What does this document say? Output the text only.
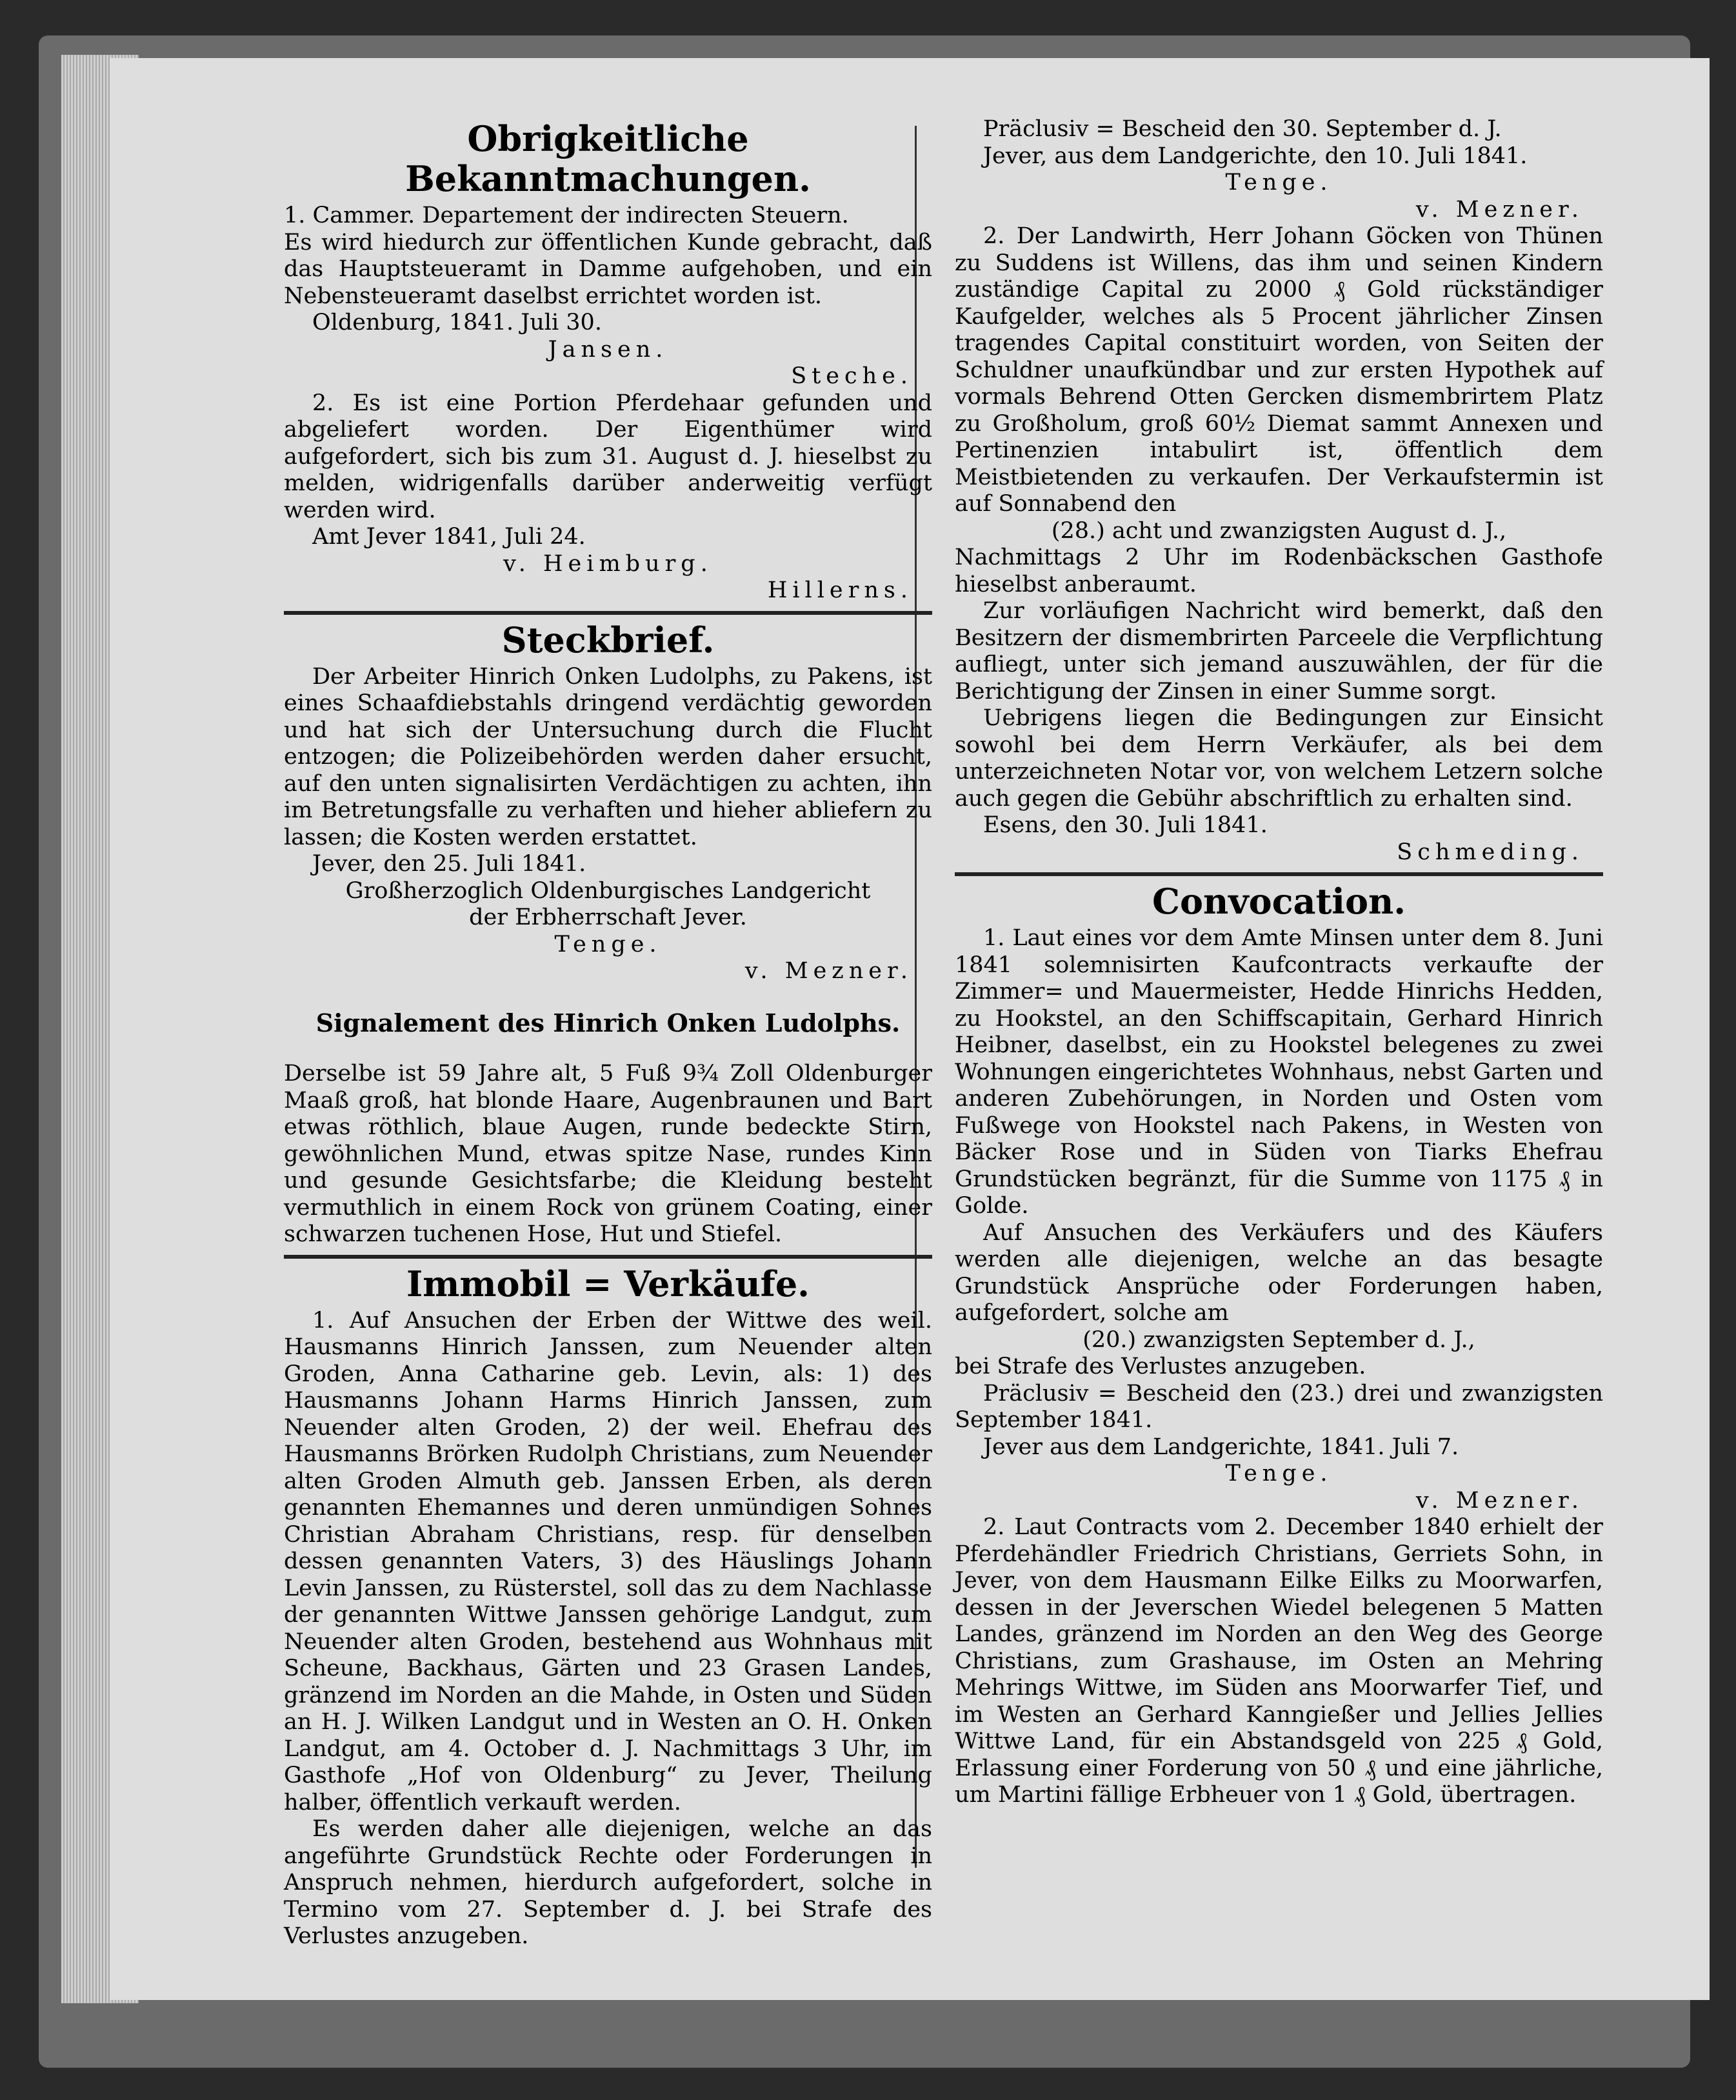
Obrigkeitliche Bekanntmachungen.

1. Cammer. Departement der indirecten Steuern.

Es wird hiedurch zur öffentlichen Kunde gebracht, daß das Hauptsteueramt in Damme aufgehoben, und ein Nebensteueramt daselbst errichtet worden ist.

Oldenburg, 1841. Juli 30.

Jansen.

Steche.

2. Es ist eine Portion Pferdehaar gefunden und abgeliefert worden. Der Eigenthümer wird aufgefordert, sich bis zum 31. August d. J. hieselbst zu melden, widrigenfalls darüber anderweitig verfügt werden wird.

Amt Jever 1841, Juli 24.

v. Heimburg.

Hillerns.

Steckbrief.

Der Arbeiter Hinrich Onken Ludolphs, zu Pakens, ist eines Schaafdiebstahls dringend verdächtig geworden und hat sich der Untersuchung durch die Flucht entzogen; die Polizeibehörden werden daher ersucht, auf den unten signalisirten Verdächtigen zu achten, ihn im Betretungsfalle zu verhaften und hieher abliefern zu lassen; die Kosten werden erstattet.

Jever, den 25. Juli 1841.

Großherzoglich Oldenburgisches Landgericht

der Erbherrschaft Jever.

Tenge.

v. Mezner.

Signalement des Hinrich Onken Ludolphs.

Derselbe ist 59 Jahre alt, 5 Fuß 9¾ Zoll Oldenburger Maaß groß, hat blonde Haare, Augenbraunen und Bart etwas röthlich, blaue Augen, runde bedeckte Stirn, gewöhnlichen Mund, etwas spitze Nase, rundes Kinn und gesunde Gesichtsfarbe; die Kleidung besteht vermuthlich in einem Rock von grünem Coating, einer schwarzen tuchenen Hose, Hut und Stiefel.

Immobil = Verkäufe.

1. Auf Ansuchen der Erben der Wittwe des weil. Hausmanns Hinrich Janssen, zum Neuender alten Groden, Anna Catharine geb. Levin, als: 1) des Hausmanns Johann Harms Hinrich Janssen, zum Neuender alten Groden, 2) der weil. Ehefrau des Hausmanns Brörken Rudolph Christians, zum Neuender alten Groden Almuth geb. Janssen Erben, als deren genannten Ehemannes und deren unmündigen Sohnes Christian Abraham Christians, resp. für denselben dessen genannten Vaters, 3) des Häuslings Johann Levin Janssen, zu Rüsterstel, soll das zu dem Nachlasse der genannten Wittwe Janssen gehörige Landgut, zum Neuender alten Groden, bestehend aus Wohnhaus mit Scheune, Backhaus, Gärten und 23 Grasen Landes, gränzend im Norden an die Mahde, in Osten und Süden an H. J. Wilken Landgut und in Westen an O. H. Onken Landgut, am 4. October d. J. Nachmittags 3 Uhr, im Gasthofe „Hof von Oldenburg“ zu Jever, Theilung halber, öffentlich verkauft werden.

Es werden daher alle diejenigen, welche an das angeführte Grundstück Rechte oder Forderungen in Anspruch nehmen, hierdurch aufgefordert, solche in Termino vom 27. September d. J. bei Strafe des Verlustes anzugeben.

Präclusiv = Bescheid den 30. September d. J.

Jever, aus dem Landgerichte, den 10. Juli 1841.

Tenge.

v. Mezner.

2. Der Landwirth, Herr Johann Göcken von Thünen zu Suddens ist Willens, das ihm und seinen Kindern zuständige Capital zu 2000 ₰ Gold rückständiger Kaufgelder, welches als 5 Procent jährlicher Zinsen tragendes Capital constituirt worden, von Seiten der Schuldner unaufkündbar und zur ersten Hypothek auf vormals Behrend Otten Gercken dismembrirtem Platz zu Großholum, groß 60½ Diemat sammt Annexen und Pertinenzien intabulirt ist, öffentlich dem Meistbietenden zu verkaufen. Der Verkaufstermin ist auf Sonnabend den

(28.) acht und zwanzigsten August d. J.,

Nachmittags 2 Uhr im Rodenbäckschen Gasthofe hieselbst anberaumt.

Zur vorläufigen Nachricht wird bemerkt, daß den Besitzern der dismembrirten Parceele die Verpflichtung aufliegt, unter sich jemand auszuwählen, der für die Berichtigung der Zinsen in einer Summe sorgt.

Uebrigens liegen die Bedingungen zur Einsicht sowohl bei dem Herrn Verkäufer, als bei dem unterzeichneten Notar vor, von welchem Letzern solche auch gegen die Gebühr abschriftlich zu erhalten sind.

Esens, den 30. Juli 1841.

Schmeding.

Convocation.

1. Laut eines vor dem Amte Minsen unter dem 8. Juni 1841 solemnisirten Kaufcontracts verkaufte der Zimmer= und Mauermeister, Hedde Hinrichs Hedden, zu Hookstel, an den Schiffscapitain, Gerhard Hinrich Heibner, daselbst, ein zu Hookstel belegenes zu zwei Wohnungen eingerichtetes Wohnhaus, nebst Garten und anderen Zubehörungen, in Norden und Osten vom Fußwege von Hookstel nach Pakens, in Westen von Bäcker Rose und in Süden von Tiarks Ehefrau Grundstücken begränzt, für die Summe von 1175 ₰ in Golde.

Auf Ansuchen des Verkäufers und des Käufers werden alle diejenigen, welche an das besagte Grundstück Ansprüche oder Forderungen haben, aufgefordert, solche am

(20.) zwanzigsten September d. J.,

bei Strafe des Verlustes anzugeben.

Präclusiv = Bescheid den (23.) drei und zwanzigsten September 1841.

Jever aus dem Landgerichte, 1841. Juli 7.

Tenge.

v. Mezner.

2. Laut Contracts vom 2. December 1840 erhielt der Pferdehändler Friedrich Christians, Gerriets Sohn, in Jever, von dem Hausmann Eilke Eilks zu Moorwarfen, dessen in der Jeverschen Wiedel belegenen 5 Matten Landes, gränzend im Norden an den Weg des George Christians, zum Grashause, im Osten an Mehring Mehrings Wittwe, im Süden ans Moorwarfer Tief, und im Westen an Gerhard Kanngießer und Jellies Jellies Wittwe Land, für ein Abstandsgeld von 225 ₰ Gold, Erlassung einer Forderung von 50 ₰ und eine jährliche, um Martini fällige Erbheuer von 1 ₰ Gold, übertragen.
